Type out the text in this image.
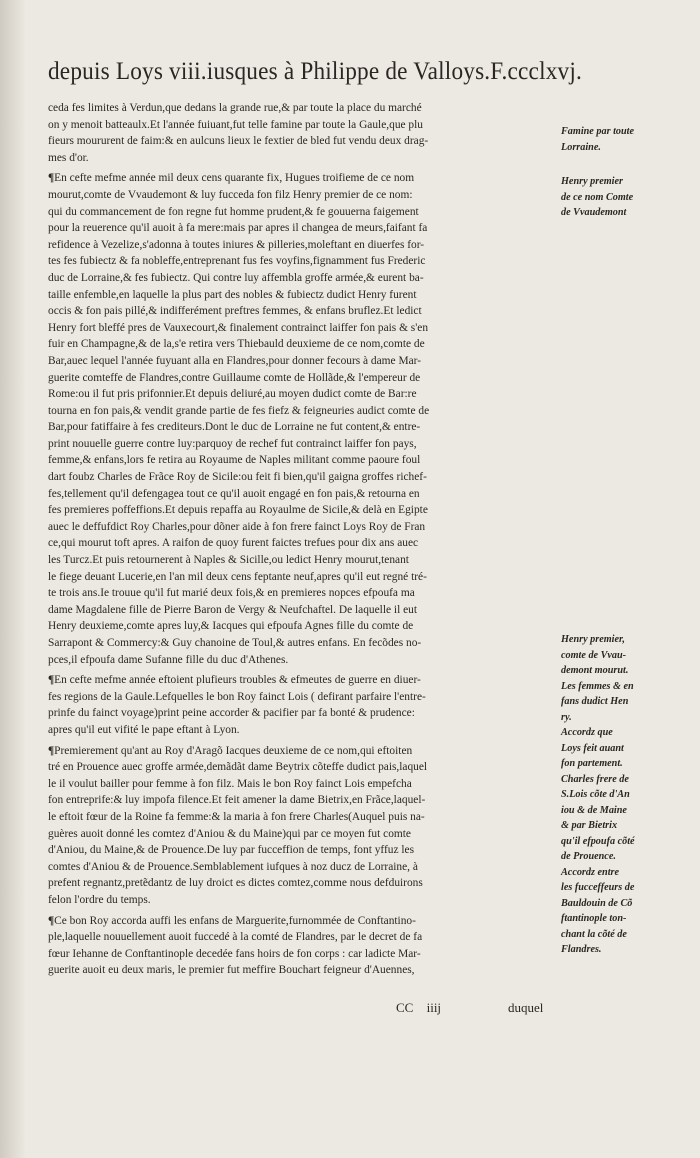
depuis Loys viii.iusques à Philippe de Valloys.F.ccclxvj.

ceda fes limites à Verdun,que dedans la grande rue,& par toute la place du marché
on y menoit batteaulx.Et l'année fuiuant,fut telle famine par toute la Gaule,que plu
fieurs moururent de faim:& en aulcuns lieux le fextier de bled fut vendu deux drag-
mes d'or.

¶En cefte mefme année mil deux cens quarante fix, Hugues troifieme de ce nom
mourut,comte de Vvaudemont & luy fucceda fon filz Henry premier de ce nom:
qui du commancement de fon regne fut homme prudent,& fe gouuerna faigement
pour la reuerence qu'il auoit à fa mere:mais par apres il changea de meurs,faifant fa
refidence à Vezelize,s'adonna à toutes iniures & pilleries,moleftant en diuerfes for-
tes fes fubiectz & fa nobleffe,entreprenant fus fes voyfins,fignamment fus Frederic
duc de Lorraine,& fes fubiectz. Qui contre luy affembla groffe armée,& eurent ba-
taille enfemble,en laquelle la plus part des nobles & fubiectz dudict Henry furent
occis & fon pais pillé,& indifferément preftres femmes, & enfans bruflez.Et ledict
Henry fort bleffé pres de Vauxecourt,& finalement contrainct laiffer fon pais & s'en
fuir en Champagne,& de la,s'e retira vers Thiebauld deuxieme de ce nom,comte de
Bar,auec lequel l'année fuyuant alla en Flandres,pour donner fecours à dame Mar-
guerite comteffe de Flandres,contre Guillaume comte de Hollãde,& l'empereur de
Rome:ou il fut pris prifonnier.Et depuis deliuré,au moyen dudict comte de Bar:re
tourna en fon pais,& vendit grande partie de fes fiefz & feigneuries audict comte de
Bar,pour fatiffaire à fes crediteurs.Dont le duc de Lorraine ne fut content,& entre-
print nouuelle guerre contre luy:parquoy de rechef fut contrainct laiffer fon pays,
femme,& enfans,lors fe retira au Royaume de Naples militant comme paoure foul
dart foubz Charles de Frãce Roy de Sicile:ou feit fi bien,qu'il gaigna groffes richef-
fes,tellement qu'il defengagea tout ce qu'il auoit engagé en fon pais,& retourna en
fes premieres poffeffions.Et depuis repaffa au Royaulme de Sicile,& delà en Egipte
auec le deffufdict Roy Charles,pour dõner aide à fon frere fainct Loys Roy de Fran
ce,qui mourut toft apres. A raifon de quoy furent faictes trefues pour dix ans auec
les Turcz.Et puis retournerent à Naples & Sicille,ou ledict Henry mourut,tenant
le fiege deuant Lucerie,en l'an mil deux cens feptante neuf,apres qu'il eut regné tré-
te trois ans.Ie trouue qu'il fut marié deux fois,& en premieres nopces efpoufa ma
dame Magdalene fille de Pierre Baron de Vergy & Neufchaftel. De laquelle il eut
Henry deuxieme,comte apres luy,& Iacques qui efpoufa Agnes fille du comte de
Sarrapont & Commercy:& Guy chanoine de Toul,& autres enfans. En fecõdes no-
pces,il efpoufa dame Sufanne fille du duc d'Athenes.

¶En cefte mefme année eftoient plufieurs troubles & efmeutes de guerre en diuer-
fes regions de la Gaule.Lefquelles le bon Roy fainct Lois ( defirant parfaire l'entre-
prinfe du fainct voyage)print peine accorder & pacifier par fa bonté & prudence:
apres qu'il eut vifité le pape eftant à Lyon.

¶Premierement qu'ant au Roy d'Aragõ Iacques deuxieme de ce nom,qui eftoiten
tré en Prouence auec groffe armée,demãdãt dame Beytrix cõteffe dudict pais,laquel
le il voulut bailler pour femme à fon filz. Mais le bon Roy fainct Lois empefcha
fon entreprife:& luy impofa filence.Et feit amener la dame Bietrix,en Frãce,laquel-
le eftoit fœur de la Roine fa femme:& la maria à fon frere Charles(Auquel puis na-
guères auoit donné les comtez d'Aniou & du Maine)qui par ce moyen fut comte
d'Aniou, du Maine,& de Prouence.De luy par fucceffion de temps, font yffuz les
comtes d'Aniou & de Prouence.Semblablement iufques à noz ducz de Lorraine, à
prefent regnantz,pretẽdantz de luy droict es dictes comtez,comme nous defduirons
felon l'ordre du temps.

¶Ce bon Roy accorda auffi les enfans de Marguerite,furnommée de Conftantino-
ple,laquelle nouuellement auoit fuccedé à la comté de Flandres, par le decret de fa
fœur Iehanne de Conftantinople decedée fans hoirs de fon corps : car ladicte Mar-
guerite auoit eu deux maris, le premier fut meffire Bouchart feigneur d'Auennes,

Famine par toute
Lorraine.
Henry premier
de ce nom Comte
de Vvaudemont
Henry premier,
comte de Vvau-
demont mourut.
Les femmes & en
fans dudict Hen
ry.
Accordz que
Loys feit auant
fon partement.
Charles frere de
S.Lois cõte d'An
iou & de Maine
& par Bietrix
qu'il efpoufa cõté
de Prouence.
Accordz entre
les fucceffeurs de
Bauldouin de Cõ
ftantinople ton-
chant la cõté de
Flandres.
CC iiij	duquel
